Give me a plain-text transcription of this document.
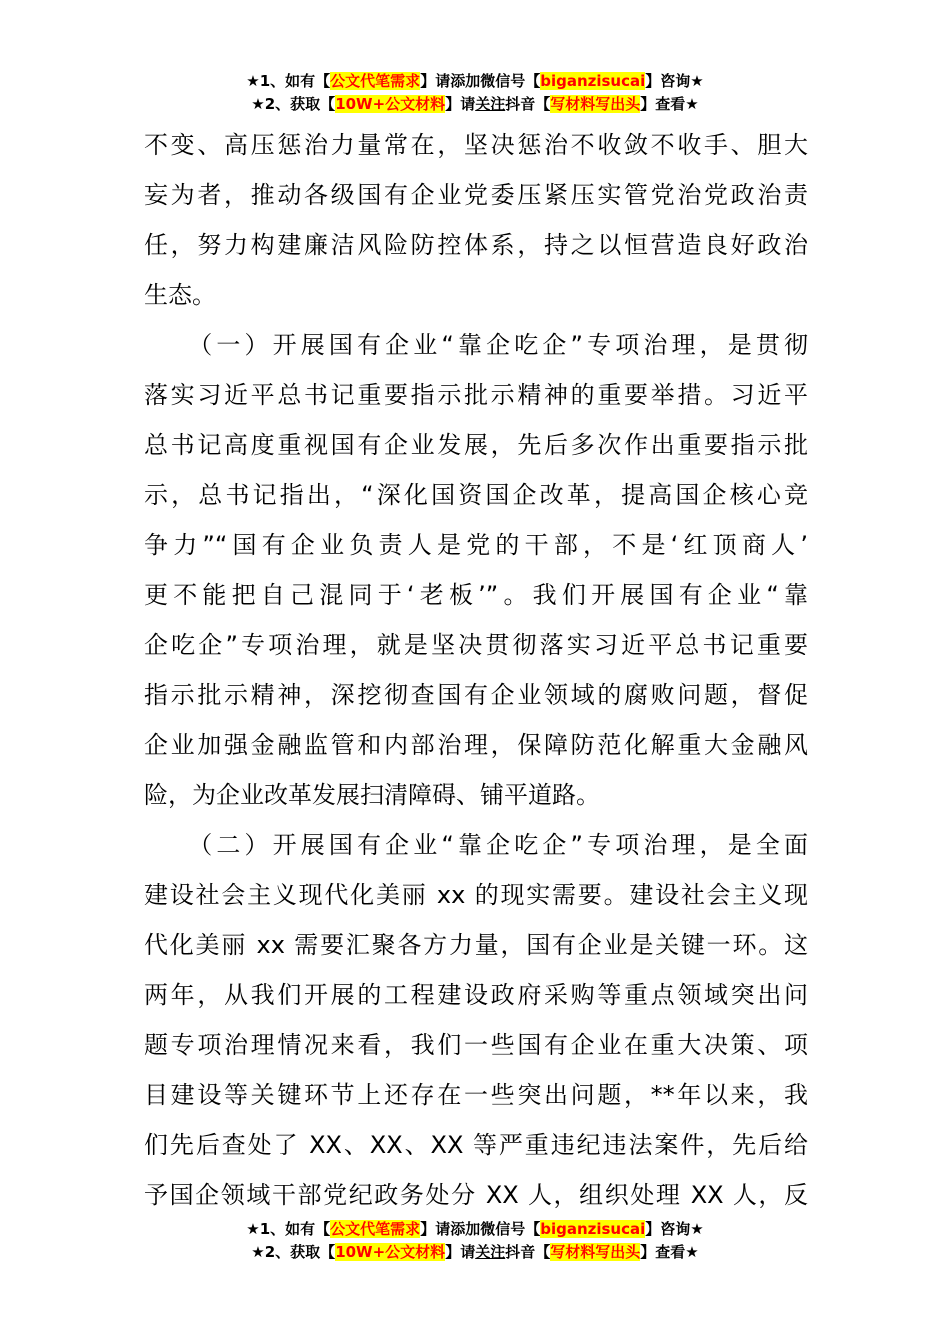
★1、如有【公文代笔需求】请添加微信号【biganzisucai】咨询★
★2、获取【10W+公文材料】请关注抖音【写材料写出头】查看★
不变、高压惩治力量常在，坚决惩治不收敛不收手、胆大
妄为者，推动各级国有企业党委压紧压实管党治党政治责
任，努力构建廉洁风险防控体系，持之以恒营造良好政治
生态。
　　（一）开展国有企业“靠企吃企”专项治理，是贯彻
落实习近平总书记重要指示批示精神的重要举措。习近平
总书记高度重视国有企业发展，先后多次作出重要指示批
示，总书记指出，“深化国资国企改革，提高国企核心竞
争力”“国有企业负责人是党的干部，不是‘红顶商人’
更不能把自己混同于‘老板’”。我们开展国有企业“靠
企吃企”专项治理，就是坚决贯彻落实习近平总书记重要
指示批示精神，深挖彻查国有企业领域的腐败问题，督促
企业加强金融监管和内部治理，保障防范化解重大金融风
险，为企业改革发展扫清障碍、铺平道路。
　　（二）开展国有企业“靠企吃企”专项治理，是全面
建设社会主义现代化美丽 xx 的现实需要。建设社会主义现
代化美丽 xx 需要汇聚各方力量，国有企业是关键一环。这
两年，从我们开展的工程建设政府采购等重点领域突出问
题专项治理情况来看，我们一些国有企业在重大决策、项
目建设等关键环节上还存在一些突出问题，**年以来，我
们先后查处了 XX、XX、XX 等严重违纪违法案件，先后给
予国企领域干部党纪政务处分 XX 人，组织处理 XX 人，反
★1、如有【公文代笔需求】请添加微信号【biganzisucai】咨询★
★2、获取【10W+公文材料】请关注抖音【写材料写出头】查看★
